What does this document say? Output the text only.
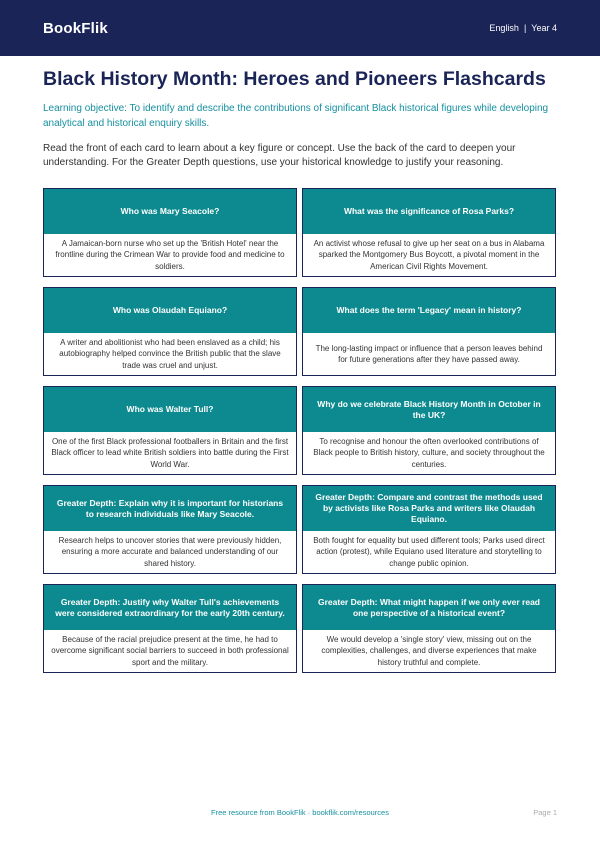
BookFlik	English | Year 4
Black History Month: Heroes and Pioneers Flashcards

Learning objective: To identify and describe the contributions of significant Black historical figures while developing analytical and historical enquiry skills.

Read the front of each card to learn about a key figure or concept. Use the back of the card to deepen your understanding. For the Greater Depth questions, use your historical knowledge to justify your reasoning.

Who was Mary Seacole?
A Jamaican-born nurse who set up the 'British Hotel' near the frontline during the Crimean War to provide food and medicine to soldiers.
What was the significance of Rosa Parks?
An activist whose refusal to give up her seat on a bus in Alabama sparked the Montgomery Bus Boycott, a pivotal moment in the American Civil Rights Movement.
Who was Olaudah Equiano?
A writer and abolitionist who had been enslaved as a child; his autobiography helped convince the British public that the slave trade was cruel and unjust.
What does the term 'Legacy' mean in history?
The long-lasting impact or influence that a person leaves behind for future generations after they have passed away.
Who was Walter Tull?
One of the first Black professional footballers in Britain and the first Black officer to lead white British soldiers into battle during the First World War.
Why do we celebrate Black History Month in October in the UK?
To recognise and honour the often overlooked contributions of Black people to British history, culture, and society throughout the centuries.
Greater Depth: Explain why it is important for historians to research individuals like Mary Seacole.
Research helps to uncover stories that were previously hidden, ensuring a more accurate and balanced understanding of our shared history.
Greater Depth: Compare and contrast the methods used by activists like Rosa Parks and writers like Olaudah Equiano.
Both fought for equality but used different tools; Parks used direct action (protest), while Equiano used literature and storytelling to change public opinion.
Greater Depth: Justify why Walter Tull's achievements were considered extraordinary for the early 20th century.
Because of the racial prejudice present at the time, he had to overcome significant social barriers to succeed in both professional sport and the military.
Greater Depth: What might happen if we only ever read one perspective of a historical event?
We would develop a 'single story' view, missing out on the complexities, challenges, and diverse experiences that make history truthful and complete.
Free resource from BookFlik · bookflik.com/resources	Page 1
